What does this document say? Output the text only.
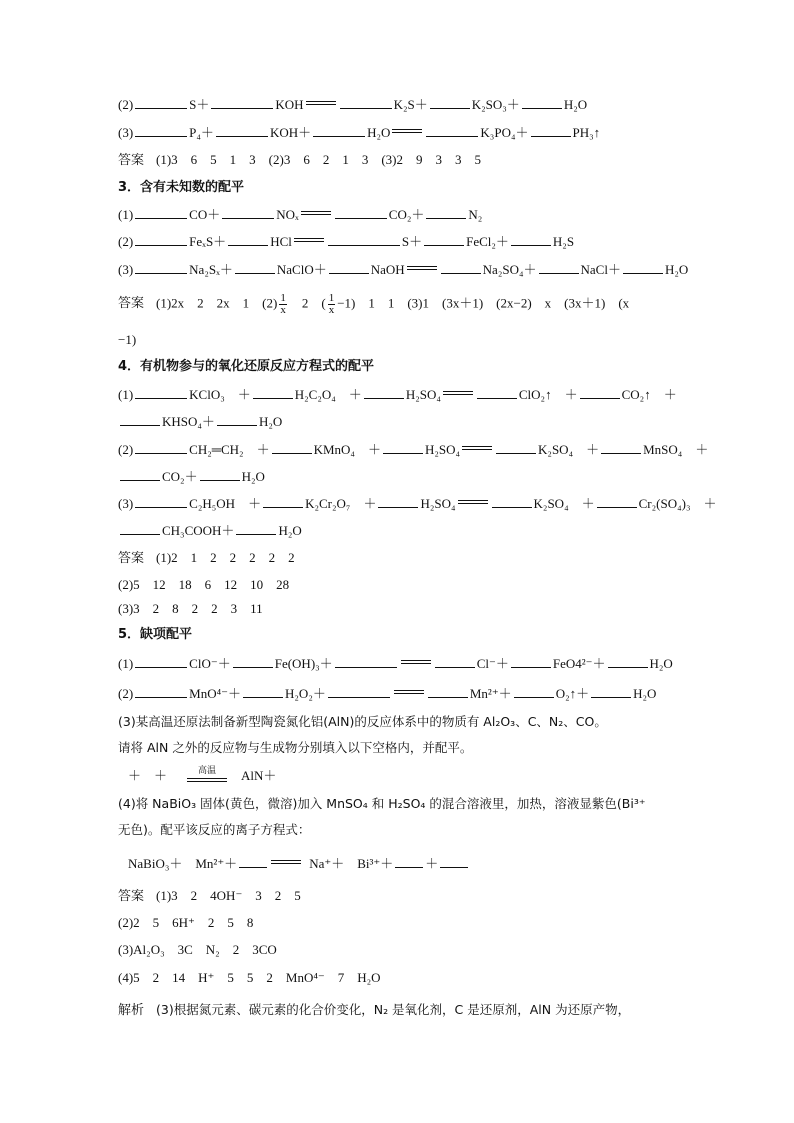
(2)	S＋	KOH	K₂S＋	K₂SO₃＋	H₂O
(3)	P₄＋	KOH＋	H₂O	K₃PO₄＋	PH₃↑
答案 (1)3　6　5　1　3　(2)3　6　2　1　3　(3)2　9　3　3　5
3．含有未知数的配平
(1)	CO＋	NOₓ	CO₂＋	N₂
(2)	FeₓS＋	HCl	S＋	FeCl₂＋	H₂S
(3)	Na₂Sₓ＋	NaClO＋	NaOH	Na₂SO₄＋	NaCl＋	H₂O
答案 (1)2x　2　2x　1　$(2) \frac{1}{x}$ 　2　( $\frac{1}{x} -1$)　1　1　(3)1　(3x＋1)　(2x−2)　x　(3x＋1)　(x
−1)
4．有机物参与的氧化还原反应方程式的配平
(1)	KClO₃　＋	H₂C₂O₄　＋	H₂SO₄	ClO₂↑　＋	CO₂↑　＋
KHSO₄＋	H₂O
(2)	CH₂═CH₂　＋	KMnO₄　＋	H₂SO₄	K₂SO₄　＋	MnSO₄　＋
CO₂＋	H₂O
(3)	C₂H₅OH　＋	K₂Cr₂O₇　＋	H₂SO₄	K₂SO₄　＋	Cr₂(SO₄)₃　＋
CH₃COOH＋	H₂O
答案 (1)2　1　2　2　2　2　2
(2)5　12　18　6　12　10　28
(3)3　2　8　2　2　3　11
5．缺项配平
(1)	ClO⁻＋	Fe(OH)₃＋	Cl⁻＋	FeO4²⁻＋	H₂O
(2)	MnO⁴⁻＋	H₂O₂＋	Mn²⁺＋	O₂↑＋	H₂O
(3)某高温还原法制备新型陶瓷氮化铝(AlN)的反应体系中的物质有 Al₂O₃、C、N₂、CO。
请将 AlN 之外的反应物与生成物分别填入以下空格内，并配平。
＋　＋	高温 AlN＋
(4)将 NaBiO₃ 固体(黄色，微溶)加入 MnSO₄ 和 H₂SO₄ 的混合溶液里，加热，溶液显紫色(Bi³⁺
无色)。配平该反应的离子方程式：
NaBiO₃＋　Mn²⁺＋	Na⁺＋　Bi³⁺＋ ＋
答案 (1)3　2　4OH⁻　3　2　5
(2)2　5　6H⁺　2　5　8
(3)Al₂O₃　3C　N₂　2　3CO
(4)5　2　14　H⁺　5　5　2　MnO⁴⁻　7　H₂O
解析 (3)根据氮元素、碳元素的化合价变化，N₂ 是氧化剂，C 是还原剂，AlN 为还原产物，
